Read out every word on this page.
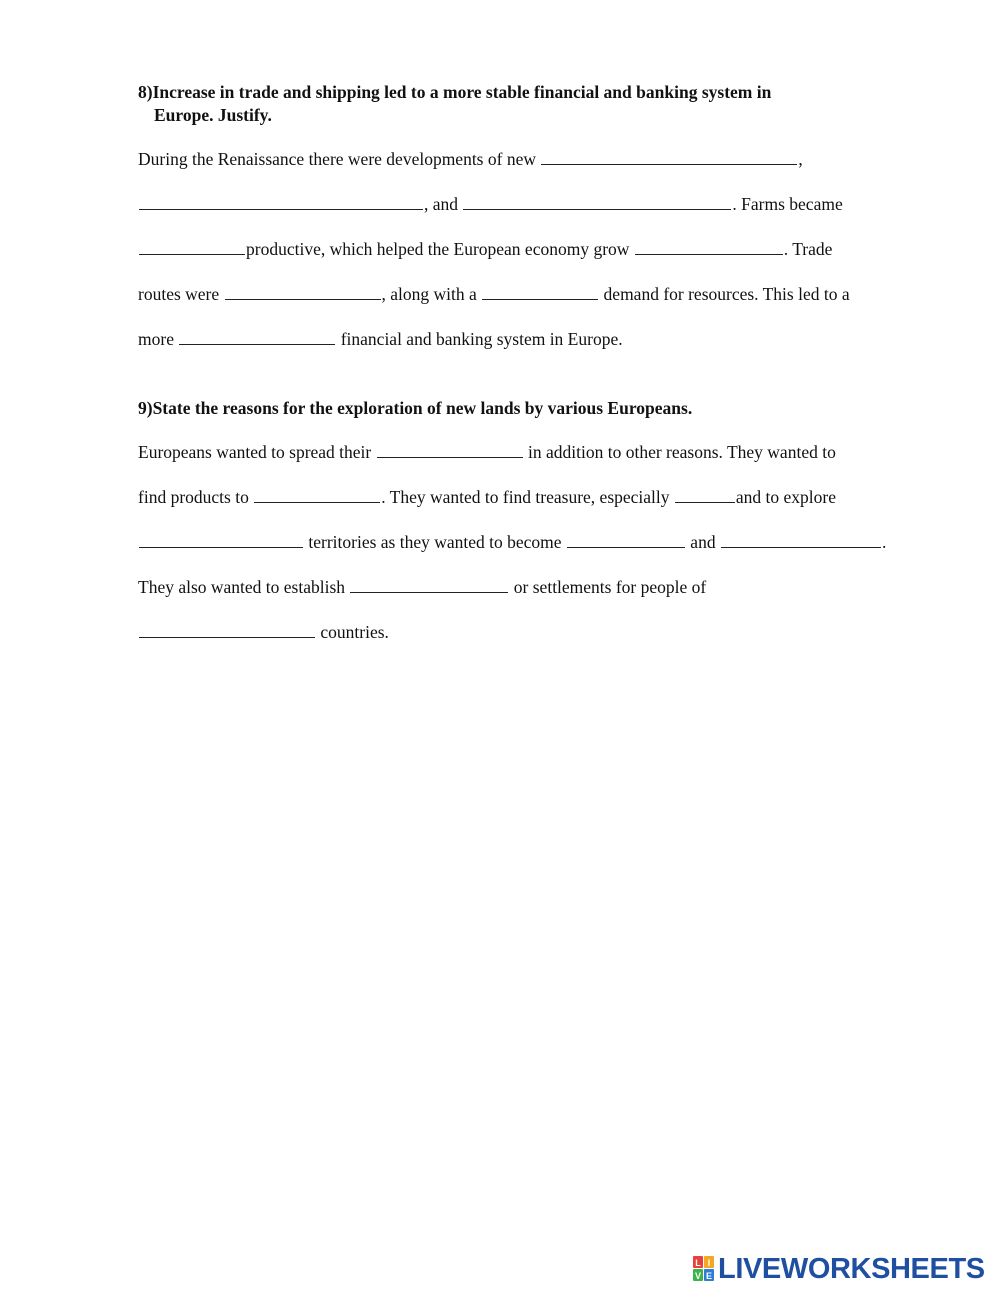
8)Increase in trade and shipping led to a more stable financial and banking system in
Europe. Justify.
During the Renaissance there were developments of new	,
, and	. Farms became
productive, which helped the European economy grow	. Trade
routes were	, along with a	demand for resources. This led to a
more	financial and banking system in Europe.
9)State the reasons for the exploration of new lands by various Europeans.
Europeans wanted to spread their	in addition to other reasons. They wanted to
find products to	. They wanted to find treasure, especially	and to explore
territories as they wanted to become	and	.
They also wanted to establish	or settlements for people of
countries.
L I
V E LIVEWORKSHEETS
